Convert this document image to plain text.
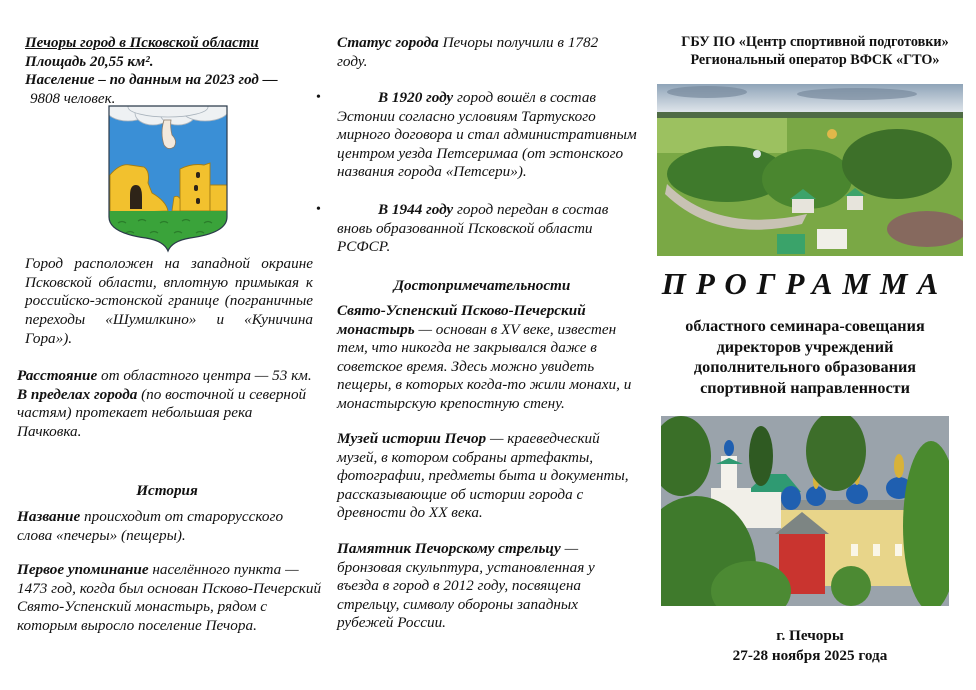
Печоры город в Псковской области

Площадь 20,55 км².

Население – по данным на 2023 год —

9808 человек.

Город расположен на западной окраине Псковской области, вплотную примыкая к российско-эстонской границе (пограничные переходы «Шумилкино» и «Куничина Гора»).

Расстояние от областного центра — 53 км.

В пределах города (по восточной и северной частям) протекает небольшая река Пачковка.

История

Название происходит от старорусского слова «печеры» (пещеры).

Первое упоминание населённого пункта — 1473 год, когда был основан Псково-Печерский Свято-Успенский монастырь, рядом с которым выросло поселение Печора.

Статус города Печоры получили в 1782 году.

•	В 1920 году город вошёл в состав Эстонии согласно условиям Тартуского мирного договора и стал административным центром уезда Петсеримаа (от эстонского названия города «Петсери»).

•	В 1944 году город передан в состав вновь образованной Псковской области РСФСР.

Достопримечательности

Свято-Успенский Псково-Печерский монастырь — основан в XV веке, известен тем, что никогда не закрывался даже в советское время. Здесь можно увидеть пещеры, в которых когда-то жили монахи, и монастырскую крепостную стену.

Музей истории Печор — краеведческий музей, в котором собраны артефакты, фотографии, предметы быта и документы, рассказывающие об истории города с древности до XX века.

Памятник Печорскому стрельцу — бронзовая скульптура, установленная у въезда в город в 2012 году, посвящена стрельцу, символу обороны западных рубежей России.

ГБУ ПО «Центр спортивной подготовки»

Региональный оператор ВФСК «ГТО»

ПРОГРАММА

областного семинара-совещания

директоров учреждений

дополнительного образования

спортивной направленности

г. Печоры

27-28 ноября 2025 года
